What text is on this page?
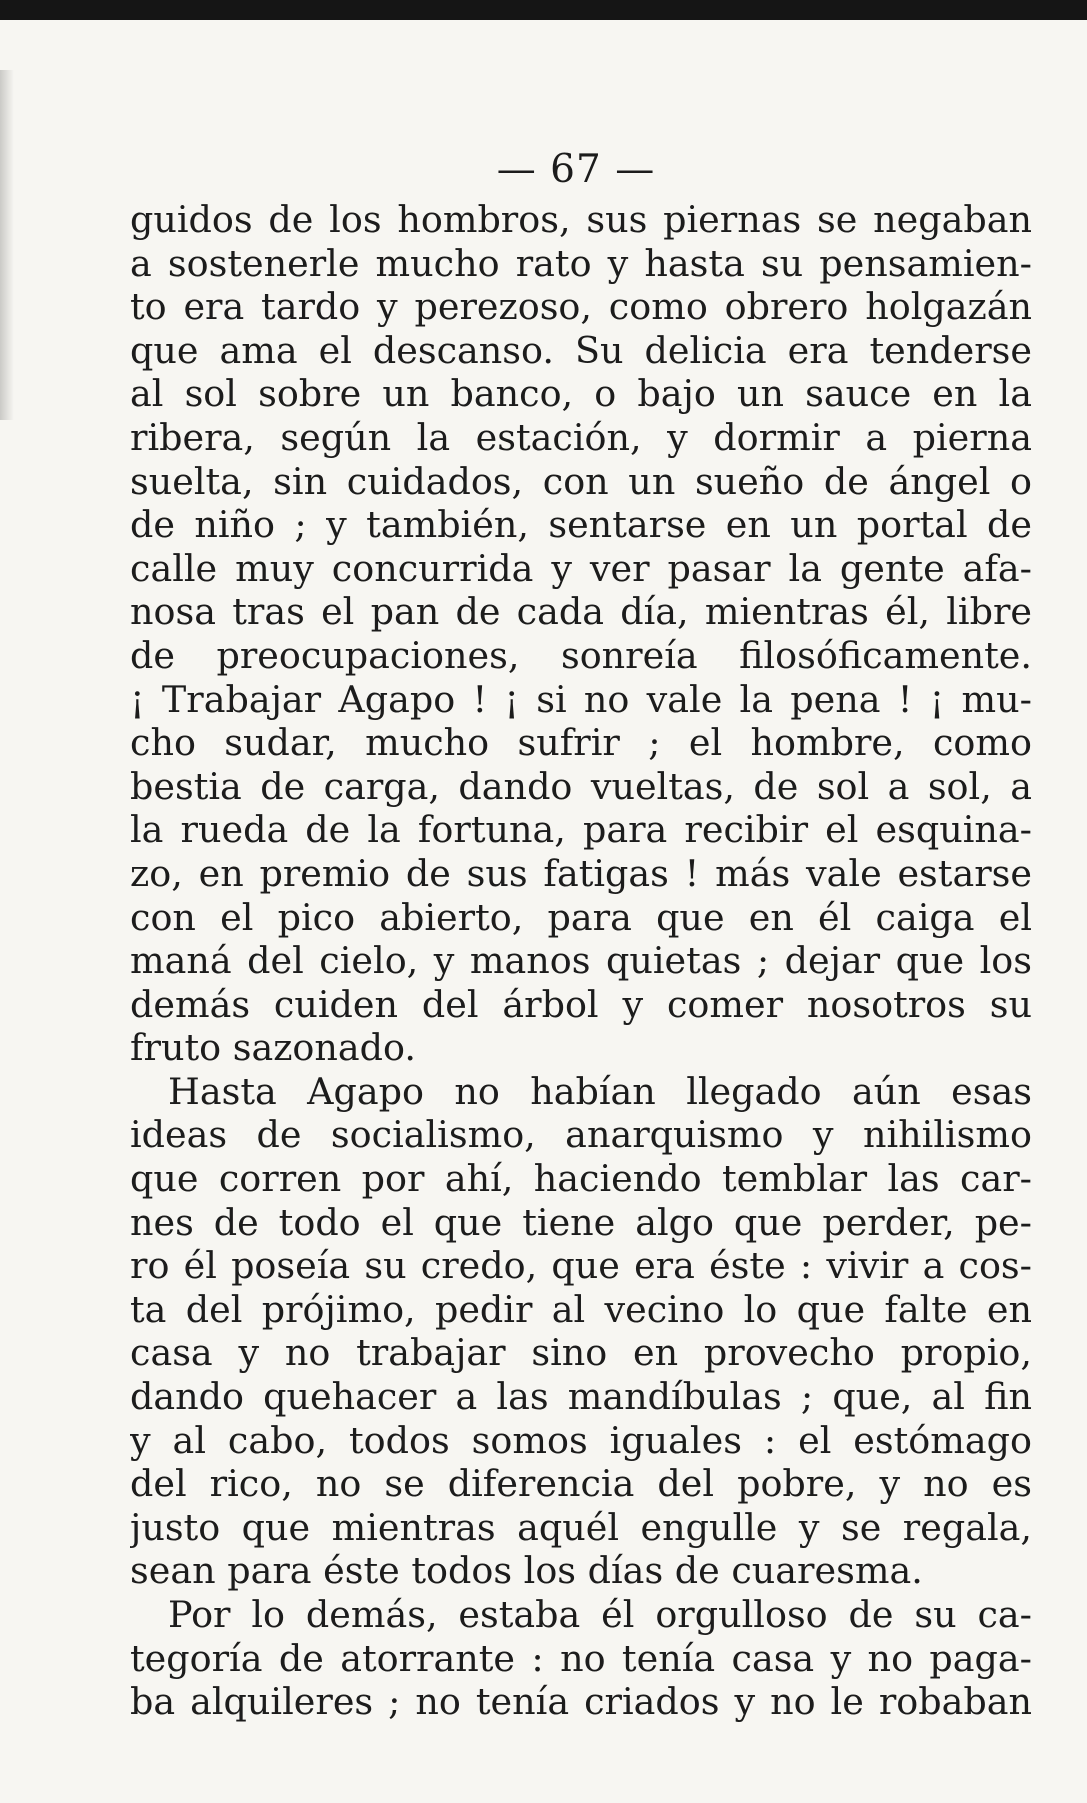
— 67 —
guidos de los hombros, sus piernas se negaban
a sostenerle mucho rato y hasta su pensamien-
to era tardo y perezoso, como obrero holgazán
que ama el descanso. Su delicia era tenderse
al sol sobre un banco, o bajo un sauce en la
ribera, según la estación, y dormir a pierna
suelta, sin cuidados, con un sueño de ángel o
de niño ; y también, sentarse en un portal de
calle muy concurrida y ver pasar la gente afa-
nosa tras el pan de cada día, mientras él, libre
de preocupaciones, sonreía filosóficamente.
¡ Trabajar Agapo ! ¡ si no vale la pena ! ¡ mu-
cho sudar, mucho sufrir ; el hombre, como
bestia de carga, dando vueltas, de sol a sol, a
la rueda de la fortuna, para recibir el esquina-
zo, en premio de sus fatigas ! más vale estarse
con el pico abierto, para que en él caiga el
maná del cielo, y manos quietas ; dejar que los
demás cuiden del árbol y comer nosotros su
fruto sazonado.
Hasta Agapo no habían llegado aún esas
ideas de socialismo, anarquismo y nihilismo
que corren por ahí, haciendo temblar las car-
nes de todo el que tiene algo que perder, pe-
ro él poseía su credo, que era éste : vivir a cos-
ta del prójimo, pedir al vecino lo que falte en
casa y no trabajar sino en provecho propio,
dando quehacer a las mandíbulas ; que, al fin
y al cabo, todos somos iguales : el estómago
del rico, no se diferencia del pobre, y no es
justo que mientras aquél engulle y se regala,
sean para éste todos los días de cuaresma.
Por lo demás, estaba él orgulloso de su ca-
tegoría de atorrante : no tenía casa y no paga-
ba alquileres ; no tenía criados y no le robaban
